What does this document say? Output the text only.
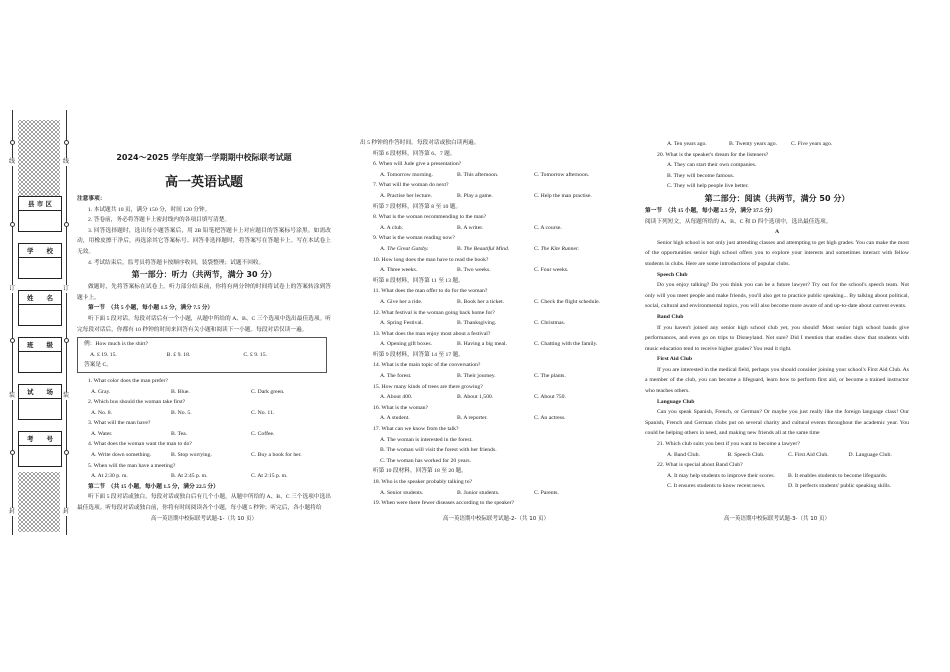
县 市 区
学　　校
姓　　名
班　　级
试　　场
考　　号
线	线
订	订
装	装
封	封
2024～2025 学年度第一学期期中校际联考试题
高一英语试题
注意事项：
1. 本试题共 10 页，满分 150 分，时间 120 分钟。
2. 答卷前，务必将答题卡上密封线内的各项目填写清楚。
3. 回答选择题时，选出每小题答案后，用 2B 铅笔把答题卡上对应题目的答案标号涂黑。如需改动，用橡皮擦干净后，再选涂其它答案标号。回答非选择题时，将答案写在答题卡上。写在本试卷上无效。
4. 考试结束后，监考员将答题卡按顺序收回，装袋整理；试题不回收。
第一部分：听力（共两节，满分 30 分）
做题时，先将答案标在试卷上。听力部分结束前，你将有两分钟的时间将试卷上的答案转涂到答题卡上。
第一节　（共 5 小题，每小题 1.5 分，满分 7.5 分）
听下面 5 段对话。每段对话后有一个小题，从题中所给的 A、B、C 三个选项中选出最佳选项。听完每段对话后，你都有 10 秒钟的时间来回答有关小题和阅读下一小题。每段对话仅读一遍。
例：How much is the shirt?
A. £ 19. 15.	B. £ 9. 18.	C. £ 9. 15.
答案是 C。
1. What color does the man prefer?
A. Gray.	B. Blue.	C. Dark green.
2. Which bus should the woman take first?
A. No. 8.	B. No. 5.	C. No. 11.
3. What will the man have?
A. Water.	B. Tea.	C. Coffee.
4. What does the woman want the man to do?
A. Write down something.	B. Stop worrying.	C. Buy a book for her.
5. When will the man have a meeting?
A. At 2:30 p. m.	B. At 2:45 p. m.	C. At 2:15 p. m.
第二节　（共 15 小题，每小题 1.5 分，满分 22.5 分）
听下面 5 段对话或独白。每段对话或独白后有几个小题，从题中所给的 A、B、C 三个选项中选出最佳选项。听每段对话或独白前，你将有时间阅读各个小题，每小题 5 秒钟；听完后，各小题将给
出 5 秒钟的作答时间。每段对话或独白读两遍。
听第 6 段材料，回答第 6、7 题。
6. When will Jude give a presentation?
A. Tomorrow morning.	B. This afternoon.	C. Tomorrow afternoon.
7. What will the woman do next?
A. Practise her lecture.	B. Play a game.	C. Help the man practise.
听第 7 段材料，回答第 8 至 10 题。
8. What is the woman recommending to the man?
A. A club.	B. A writer.	C. A course.
9. What is the woman reading now?
A. The Great Gatsby.	B. The Beautiful Mind.	C. The Kite Runner.
10. How long does the man have to read the book?
A. Three weeks.	B. Two weeks.	C. Four weeks.
听第 8 段材料，回答第 11 至 13 题。
11. What does the man offer to do for the woman?
A. Give her a ride.	B. Book her a ticket.	C. Check the flight schedule.
12. What festival is the woman going back home for?
A. Spring Festival.	B. Thanksgiving.	C. Christmas.
13. What does the man enjoy most about a festival?
A. Opening gift boxes.	B. Having a big meal.	C. Chatting with the family.
听第 9 段材料，回答第 14 至 17 题。
14. What is the main topic of the conversation?
A. The forest.	B. Their journey.	C. The plants.
15. How many kinds of trees are there growing?
A. About 400.	B. About 1,500.	C. About 750.
16. What is the woman?
A. A student.	B. A reporter.	C. An actress.
17. What can we know from the talk?
A. The woman is interested in the forest.
B. The woman will visit the forest with her friends.
C. The woman has worked for 20 years.
听第 10 段材料，回答第 18 至 20 题。
18. Who is the speaker probably talking to?
A. Senior students.	B. Junior students.	C. Parents.
19. When were there fewer diseases according to the speaker?
A. Ten years ago.	B. Twenty years ago.	C. Five years ago.
20. What is the speaker's dream for the listeners?
A. They can start their own companies.
B. They will become famous.
C. They will help people live better.
第二部分：阅读（共两节，满分 50 分）
第一节　（共 15 小题，每小题 2.5 分，满分 37.5 分）
阅读下列短文，从每题所给的 A、B、C 和 D 四个选项中，选出最佳选项。
A
Senior high school is not only just attending classes and attempting to get high grades. You can make the most of the opportunities senior high school offers you to explore your interests and sometimes interact with fellow students in clubs. Here are some introductions of popular clubs.
Speech Club
Do you enjoy talking? Do you think you can be a future lawyer? Try out for the school's speech team. Not only will you meet people and make friends, you'll also get to practice public speaking... By talking about political, social, cultural and environmental topics, you will also become more aware of and up-to-date about current events.
Band Club
If you haven't joined any senior high school club yet, you should! Most senior high school bands give performances, and even go on trips to Disneyland. Not sure? Did I mention that studies show that students with music education tend to receive higher grades? You read it right.
First Aid Club
If you are interested in the medical field, perhaps you should consider joining your school's First Aid Club. As a member of the club, you can become a lifeguard, learn how to perform first aid, or become a trained instructor who teaches others.
Language Club
Can you speak Spanish, French, or German? Or maybe you just really like the foreign language class! Our Spanish, French and German clubs put on several charity and cultural events throughout the academic year. You could be helping others in need, and making new friends all at the same time
21. Which club suits you best if you want to become a lawyer?
A. Band Club.	B. Speech Club.	C. First Aid Club.	D. Language Club.
22. What is special about Band Club?
A. It may help students to improve their scores.	B. It enables students to become lifeguards.
C. It ensures students to know recent news.	D. It perfects students' public speaking skills.
高一英语期中校际联考试题-1-（共 10 页）	高一英语期中校际联考试题-2-（共 10 页）	高一英语期中校际联考试题-3-（共 10 页）
